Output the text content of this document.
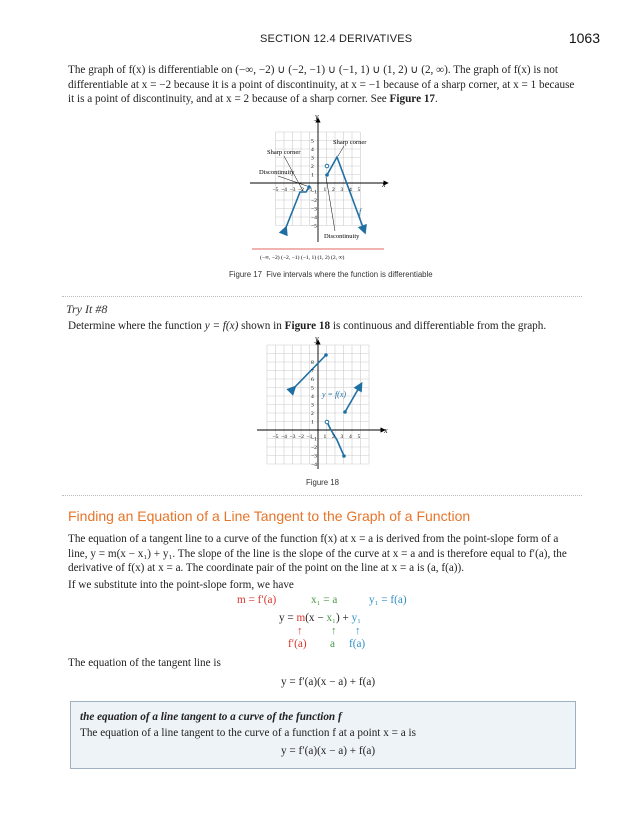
SECTION 12.4 DERIVATIVES	1063

The graph of f(x) is differentiable on (−∞, −2) ∪ (−2, −1) ∪ (−1, 1) ∪ (1, 2) ∪ (2, ∞). The graph of f(x) is not differentiable at x = −2 because it is a point of discontinuity, at x = −1 because of a sharp corner, at x = 1 because it is a point of discontinuity, and at x = 2 because of a sharp corner. See Figure 17.

x
y
f
Sharp corner
Sharp corner
Discontinuity
Discontinuity
−5 −4 −3 −2 −1 1 2 3 4 5
5
4
3
2
1
−1
−2
−3
−4
−5
(−∞, −2) (−2, −1) (−1, 1) (1, 2) (2, ∞)
Figure 17 Five intervals where the function is differentiable
Try It #8

Determine where the function y = f(x) shown in Figure 18 is continuous and differentiable from the graph.

x
y
y = f(x)
−5 −4 −3 −2 −1 1 2 3 4 5
8
7
6
5
4
3
2
1
−1
−2
−3
−4
Figure 18
Finding an Equation of a Line Tangent to the Graph of a Function

The equation of a tangent line to a curve of the function f(x) at x = a is derived from the point-slope form of a line, y = m(x − x₁) + y₁. The slope of the line is the slope of the curve at x = a and is therefore equal to f′(a), the derivative of f(x) at x = a. The coordinate pair of the point on the line at x = a is (a, f(a)).

If we substitute into the point-slope form, we have

m = f′(a)	x₁ = a	y₁ = f(a)
y = m(x − x₁) + y₁
↑	↑ ↑
f′(a) a f(a)

The equation of the tangent line is

y = f′(a)(x − a) + f(a)
the equation of a line tangent to a curve of the function f
The equation of a line tangent to the curve of a function f at a point x = a is
y = f′(a)(x − a) + f(a)
